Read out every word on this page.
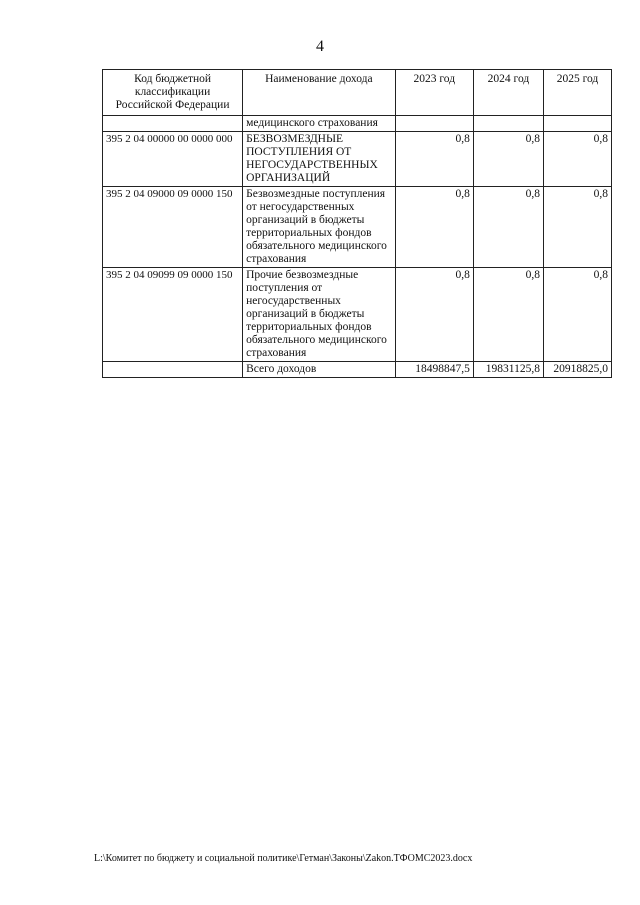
4
Код бюджетной классификации Российской Федерации	Наименование дохода	2023 год	2024 год	2025 год
	медицинского страхования			
395 2 04 00000 00 0000 000	БЕЗВОЗМЕЗДНЫЕ ПОСТУПЛЕНИЯ ОТ НЕГОСУДАРСТВЕННЫХ ОРГАНИЗАЦИЙ	0,8	0,8	0,8
395 2 04 09000 09 0000 150	Безвозмездные поступления от негосударственных организаций в бюджеты территориальных фондов обязательного медицинского страхования	0,8	0,8	0,8
395 2 04 09099 09 0000 150	Прочие безвозмездные поступления от негосударственных организаций в бюджеты территориальных фондов обязательного медицинского страхования	0,8	0,8	0,8
	Всего доходов	18498847,5	19831125,8	20918825,0
L:\Комитет по бюджету и социальной политике\Гетман\Законы\Zakon.ТФОМС2023.docx
